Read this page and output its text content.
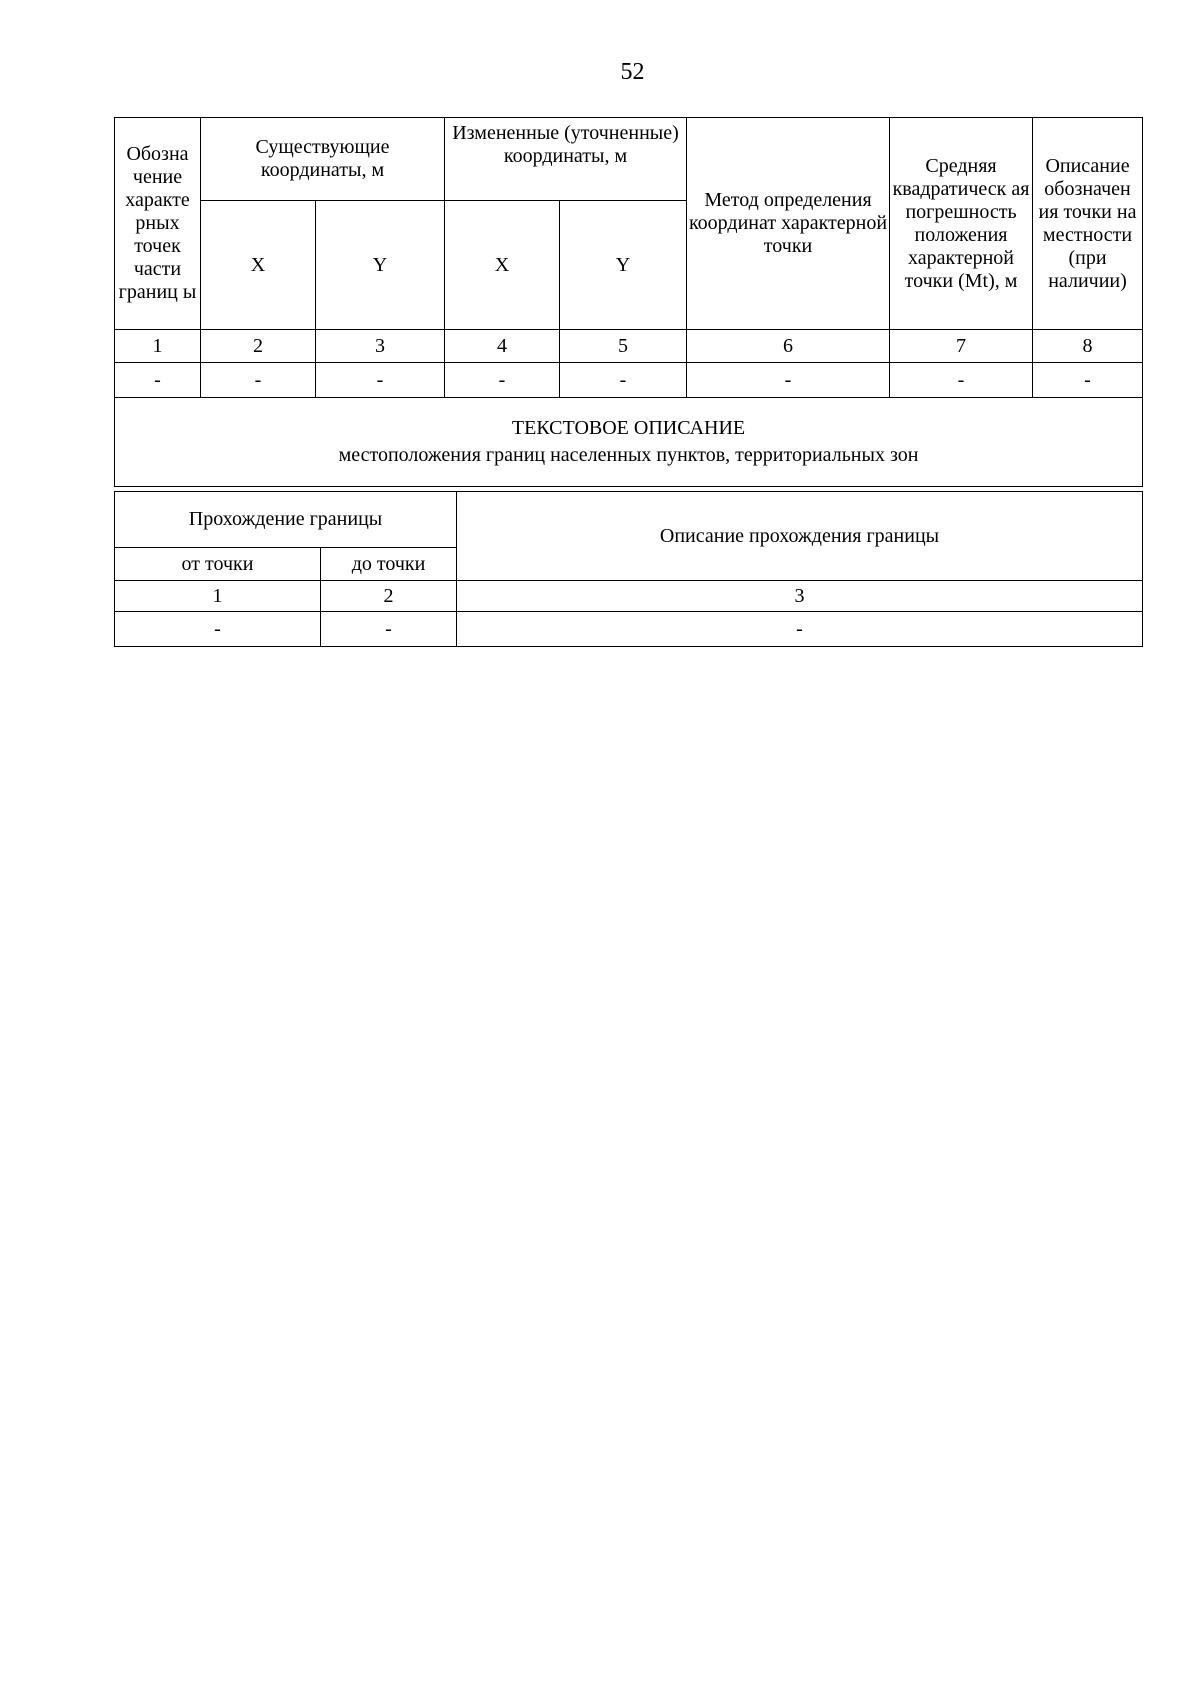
52
Обозна чение характе рных точек части границ ы	Существующие координаты, м		Измененные (уточненные) координаты, м		Метод определения координат характерной точки	Средняя квадратическ ая погрешность положения характерной точки (Mt), м	Описание обозначен ия точки на местности (при наличии)
	X	Y	X	Y			
1	2	3	4	5	6	7	8
-	-	-	-	-	-	-	-

ТЕКСТОВОЕ ОПИСАНИЕ
местоположения границ населенных пунктов, территориальных зон							
Прохождение границы		Описание прохождения границы
от точки	до точки	
1	2	3
-	-	-
